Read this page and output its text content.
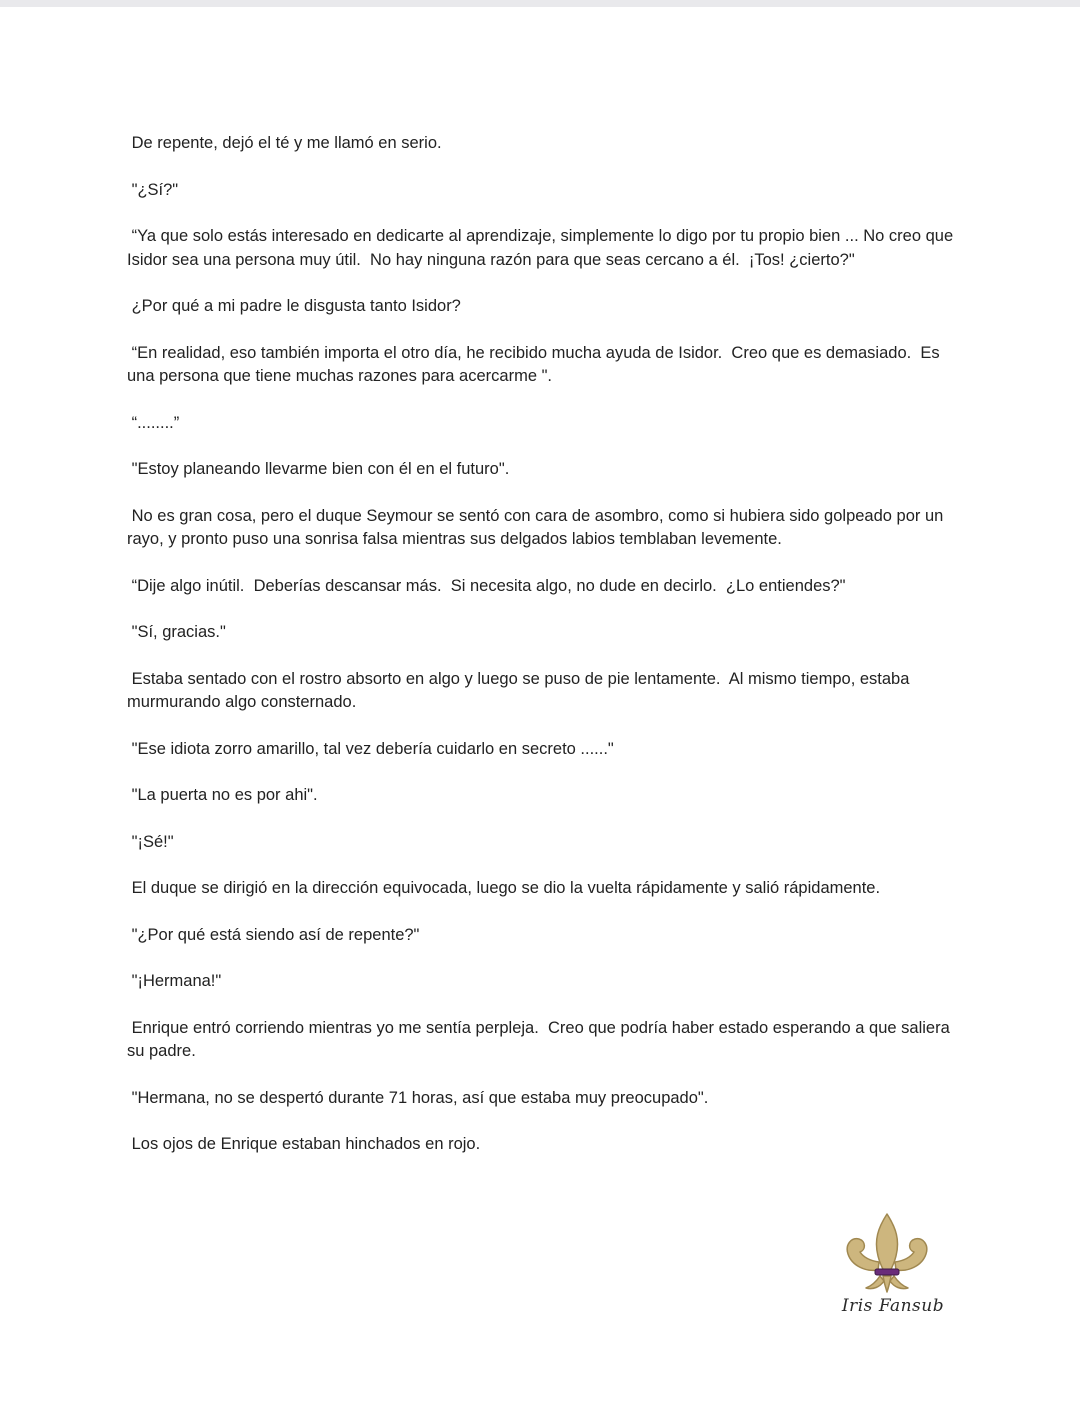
De repente, dejó el té y me llamó en serio.

"¿Sí?"

“Ya que solo estás interesado en dedicarte al aprendizaje, simplemente lo digo por tu propio bien ... No creo que Isidor sea una persona muy útil.  No hay ninguna razón para que seas cercano a él.  ¡Tos! ¿cierto?"

¿Por qué a mi padre le disgusta tanto Isidor?

“En realidad, eso también importa el otro día, he recibido mucha ayuda de Isidor.  Creo que es demasiado.  Es una persona que tiene muchas razones para acercarme ".

“........”

"Estoy planeando llevarme bien con él en el futuro".

No es gran cosa, pero el duque Seymour se sentó con cara de asombro, como si hubiera sido golpeado por un rayo, y pronto puso una sonrisa falsa mientras sus delgados labios temblaban levemente.

“Dije algo inútil.  Deberías descansar más.  Si necesita algo, no dude en decirlo.  ¿Lo entiendes?"

"Sí, gracias."

Estaba sentado con el rostro absorto en algo y luego se puso de pie lentamente.  Al mismo tiempo, estaba murmurando algo consternado.

"Ese idiota zorro amarillo, tal vez debería cuidarlo en secreto ......"

"La puerta no es por ahi".

"¡Sé!"

El duque se dirigió en la dirección equivocada, luego se dio la vuelta rápidamente y salió rápidamente.

"¿Por qué está siendo así de repente?"

"¡Hermana!"

Enrique entró corriendo mientras yo me sentía perpleja.  Creo que podría haber estado esperando a que saliera su padre.

"Hermana, no se despertó durante 71 horas, así que estaba muy preocupado".

Los ojos de Enrique estaban hinchados en rojo.

Iris Fansub
